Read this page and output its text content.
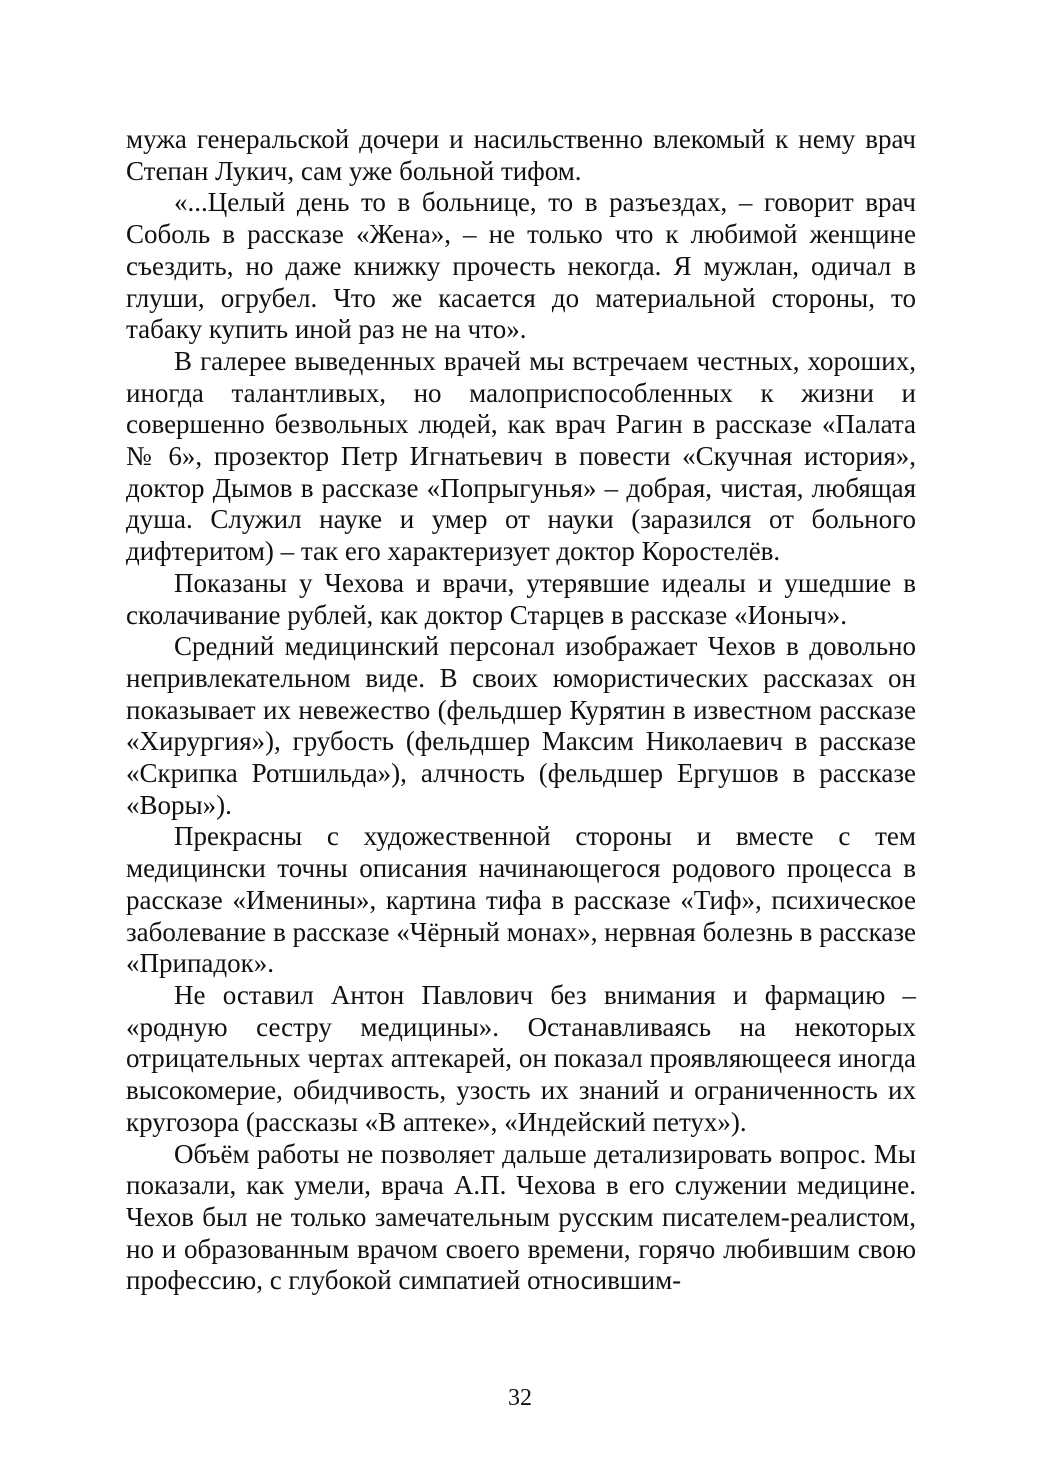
мужа генеральской дочери и насильственно влекомый к нему врач Степан Лукич, сам уже больной тифом.

«...Целый день то в больнице, то в разъездах, – говорит врач Соболь в рассказе «Жена», – не только что к любимой женщине съездить, но даже книжку прочесть некогда. Я мужлан, одичал в глуши, огрубел. Что же касается до материальной стороны, то табаку купить иной раз не на что».

В галерее выведенных врачей мы встречаем честных, хороших, иногда талантливых, но малоприспособленных к жизни и совершенно безвольных людей, как врач Рагин в рассказе «Палата № 6», прозектор Петр Игнатьевич в повести «Скучная история», доктор Дымов в рассказе «Попрыгунья» – добрая, чистая, любящая душа. Служил науке и умер от науки (заразился от больного дифтеритом) – так его характеризует доктор Коростелёв.

Показаны у Чехова и врачи, утерявшие идеалы и ушедшие в сколачивание рублей, как доктор Старцев в рассказе «Ионыч».

Средний медицинский персонал изображает Чехов в довольно непривлекательном виде. В своих юмористических рассказах он показывает их невежество (фельдшер Курятин в известном рассказе «Хирургия»), грубость (фельдшер Максим Николаевич в рассказе «Скрипка Ротшильда»), алчность (фельдшер Ергушов в рассказе «Воры»).

Прекрасны с художественной стороны и вместе с тем медицински точны описания начинающегося родового процесса в рассказе «Именины», картина тифа в рассказе «Тиф», психическое заболевание в рассказе «Чёрный монах», нервная болезнь в рассказе «Припадок».

Не оставил Антон Павлович без внимания и фармацию – «родную сестру медицины». Останавливаясь на некоторых отрицательных чертах аптекарей, он показал проявляющееся иногда высокомерие, обидчивость, узость их знаний и ограниченность их кругозора (рассказы «В аптеке», «Индейский петух»).

Объём работы не позволяет дальше детализировать вопрос. Мы показали, как умели, врача А.П. Чехова в его служении медицине. Чехов был не только замечательным русским писателем-реалистом, но и образованным врачом своего времени, горячо любившим свою профессию, с глубокой симпатией относившим-

32
